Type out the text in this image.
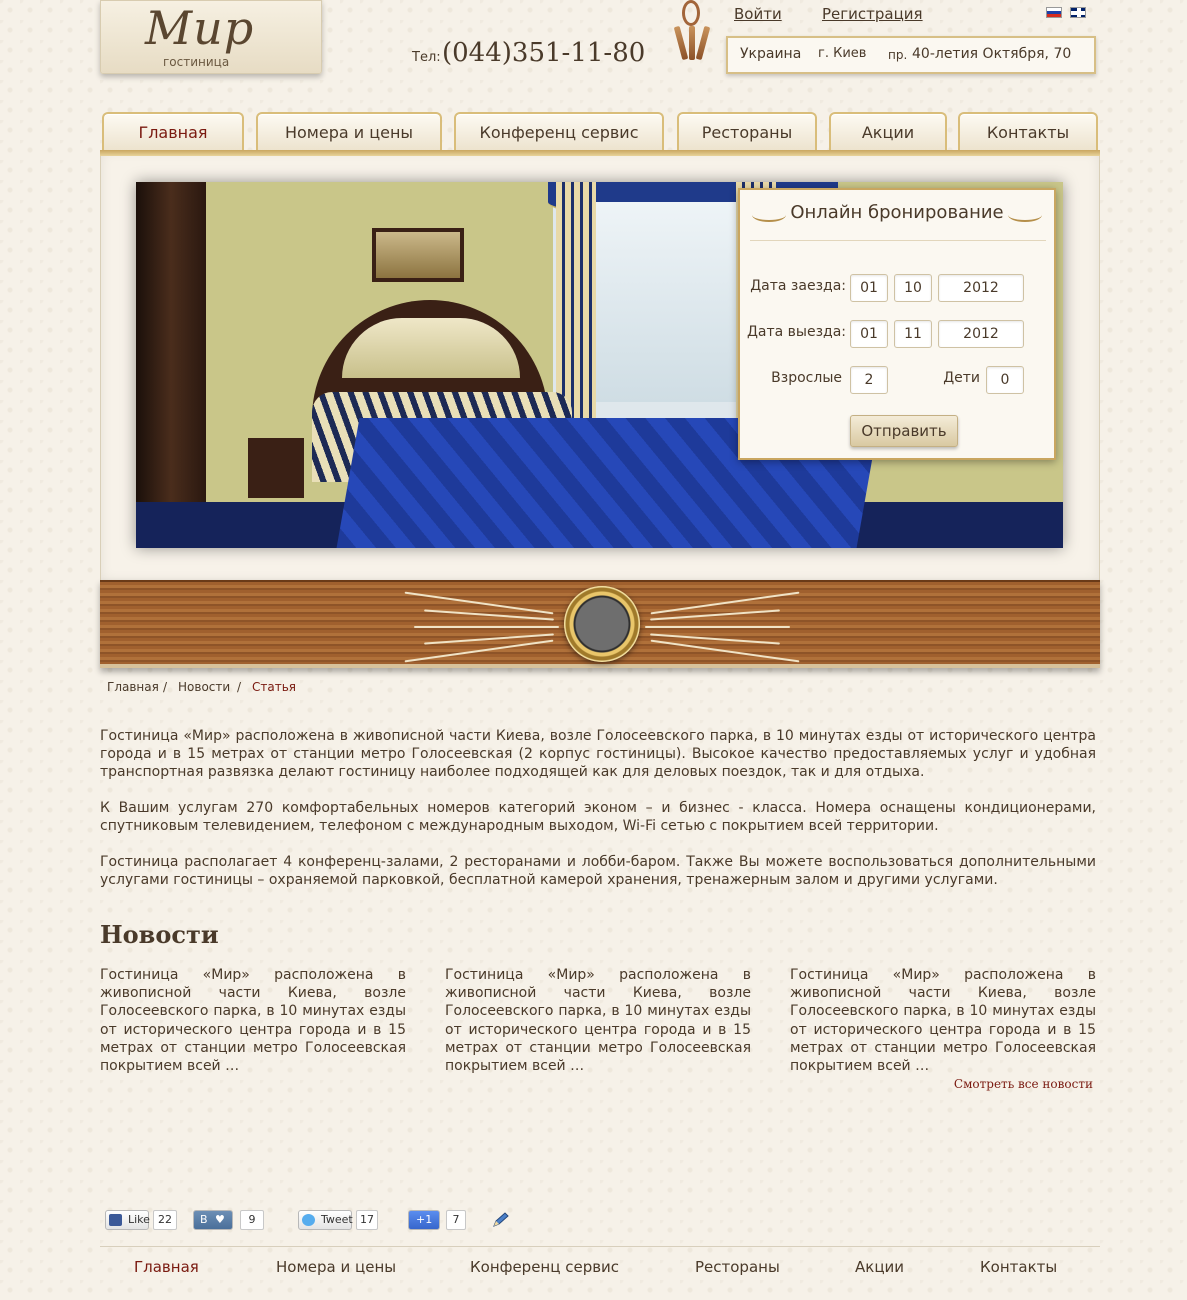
Мир
гостиница	Тел: (044)351-11-80
Войти	Регистрация
Украина г. Киев пр. 40-летия Октября, 70
Главная	Номера и цены	Конференц сервис	Рестораны	Акции	Контакты
Онлайн бронирование
Дата заезда:	01	10	2012
Дата выезда:	01	11	2012
Взрослые	2	Дети	0
Отправить
Главная / Новости / Статья

Гостиница «Мир» расположена в живописной части Киева, возле Голосеевского парка, в 10 минутах езды от исторического центра города и в 15 метрах от станции метро Голосеевская (2 корпус гостиницы). Высокое качество предоставляемых услуг и удобная транспортная развязка делают гостиницу наиболее подходящей как для деловых поездок, так и для отдыха.

К Вашим услугам 270 комфортабельных номеров категорий эконом – и бизнес - класса. Номера оснащены кондиционерами, спутниковым телевидением, телефоном с международным выходом, Wi-Fi сетью с покрытием всей территории.

Гостиница располагает 4 конференц-залами, 2 ресторанами и лобби-баром. Также Вы можете воспользоваться дополнительными услугами гостиницы – охраняемой парковкой, бесплатной камерой хранения, тренажерным залом и другими услугами.

Новости

Гостиница «Мир» расположена в живописной части Киева, возле Голосеевского парка, в 10 минутах езды от исторического центра города и в 15 метрах от станции метро Голосеевская покрытием всей …

Гостиница «Мир» расположена в живописной части Киева, возле Голосеевского парка, в 10 минутах езды от исторического центра города и в 15 метрах от станции метро Голосеевская покрытием всей …

Гостиница «Мир» расположена в живописной части Киева, возле Голосеевского парка, в 10 минутах езды от исторического центра города и в 15 метрах от станции метро Голосеевская покрытием всей …

Смотреть все новости
Like 22	В ♥	9	Tweet 17	+1	7
Главная	Номера и цены	Конференц сервис	Рестораны	Акции	Контакты
